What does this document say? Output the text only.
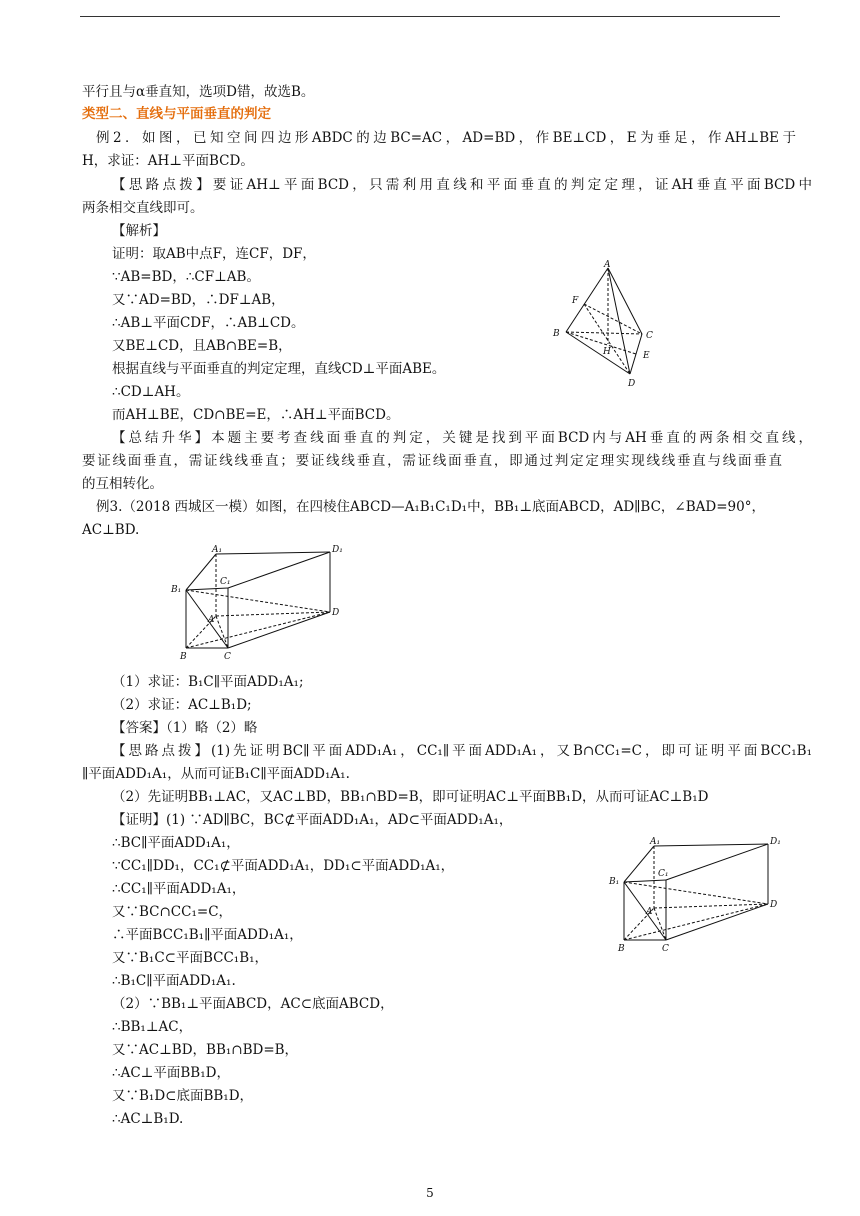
平行且与α垂直知，选项D错，故选B。
类型二、直线与平面垂直的判定
例2．如图，已知空间四边形ABDC的边BC=AC，AD=BD，作BE⊥CD，E为垂足，作AH⊥BE于
H，求证：AH⊥平面BCD。
【思路点拨】要证AH⊥平面BCD，只需利用直线和平面垂直的判定定理，证AH垂直平面BCD中
两条相交直线即可。
【解析】
证明：取AB中点F，连CF，DF，
∵AB=BD，∴CF⊥AB。
又∵AD=BD，∴DF⊥AB，
∴AB⊥平面CDF，∴AB⊥CD。
又BE⊥CD，且AB∩BE=B，
根据直线与平面垂直的判定定理，直线CD⊥平面ABE。
∴CD⊥AH。
而AH⊥BE，CD∩BE=E，∴AH⊥平面BCD。
【总结升华】本题主要考查线面垂直的判定，关键是找到平面BCD内与AH垂直的两条相交直线，
要证线面垂直，需证线线垂直；要证线线垂直，需证线面垂直，即通过判定定理实现线线垂直与线面垂直
的互相转化。
例3.（2018 西城区一模）如图，在四棱住ABCD—A₁B₁C₁D₁中，BB₁⊥底面ABCD，AD∥BC，∠BAD=90°，
AC⊥BD.
（1）求证：B₁C∥平面ADD₁A₁;
（2）求证：AC⊥B₁D;
【答案】（1）略（2）略
【思路点拨】(1)先证明BC∥平面ADD₁A₁，CC₁∥平面ADD₁A₁，又B∩CC₁=C，即可证明平面BCC₁B₁
∥平面ADD₁A₁，从而可证B₁C∥平面ADD₁A₁.
（2）先证明BB₁⊥AC，又AC⊥BD，BB₁∩BD=B，即可证明AC⊥平面BB₁D，从而可证AC⊥B₁D
【证明】(1) ∵AD∥BC，BC⊄平面ADD₁A₁，AD⊂平面ADD₁A₁，
∴BC∥平面ADD₁A₁，
∵CC₁∥DD₁，CC₁⊄平面ADD₁A₁，DD₁⊂平面ADD₁A₁，
∴CC₁∥平面ADD₁A₁，
又∵BC∩CC₁=C，
∴平面BCC₁B₁∥平面ADD₁A₁，
又∵B₁C⊂平面BCC₁B₁，
∴B₁C∥平面ADD₁A₁.
（2）∵BB₁⊥平面ABCD，AC⊂底面ABCD，
∴BB₁⊥AC，
又∵AC⊥BD，BB₁∩BD=B，
∴AC⊥平面BB₁D，
又∵B₁D⊂底面BB₁D，
∴AC⊥B₁D.
A
F
B	C
H	E
D
A₁	D₁
B₁
C₁
A
B	C
D
A₁	D₁
B₁
C₁
A
B	C
D
5
